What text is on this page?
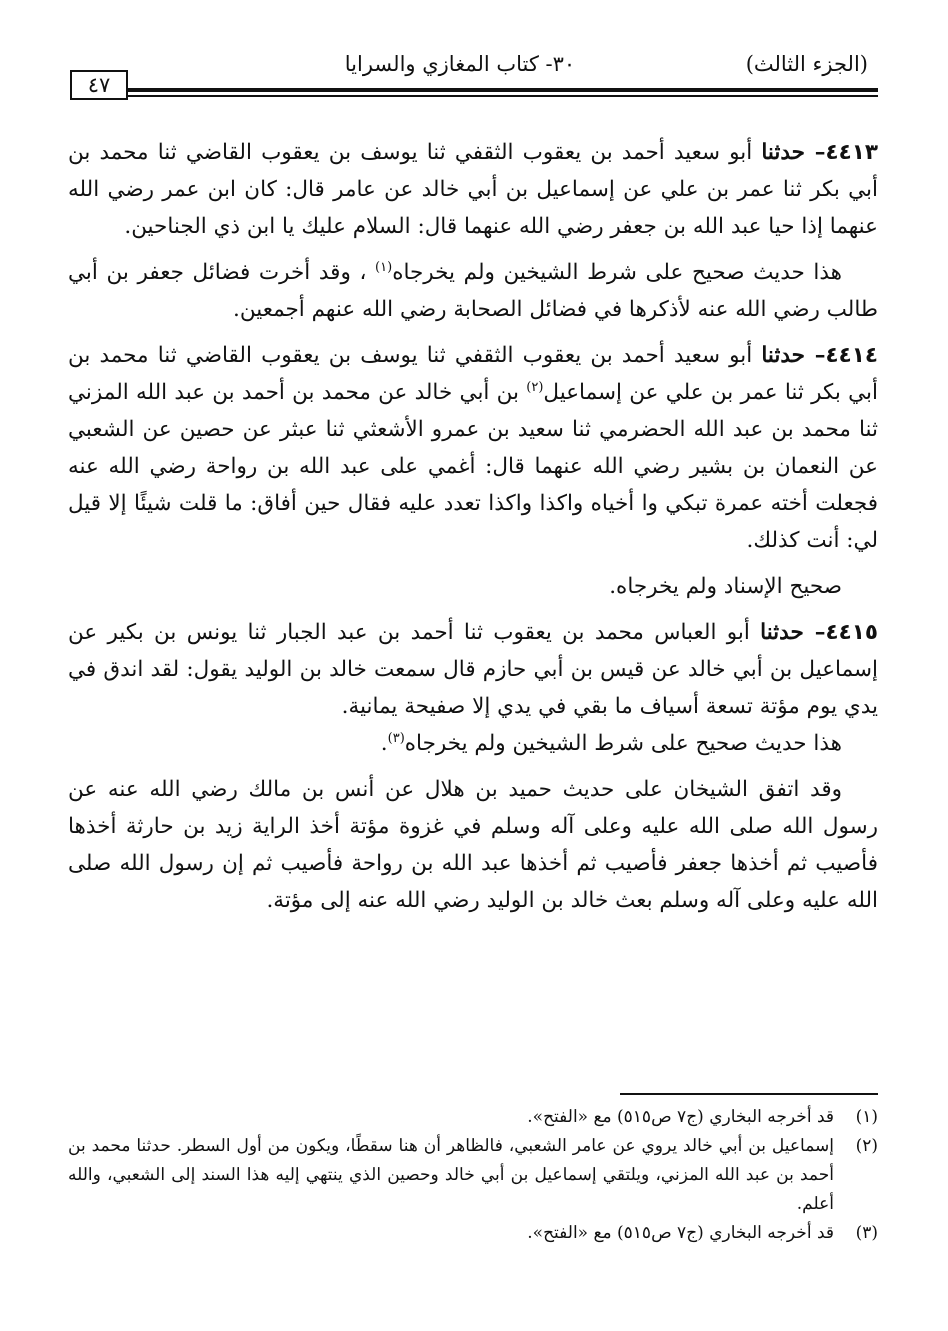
(الجزء الثالث)
٣٠- كتاب المغازي والسرايا
٤٧

٤٤١٣– حدثنا أبو سعيد أحمد بن يعقوب الثقفي ثنا يوسف بن يعقوب القاضي ثنا محمد بن أبي بكر ثنا عمر بن علي عن إسماعيل بن أبي خالد عن عامر قال: كان ابن عمر رضي الله عنهما إذا حيا عبد الله بن جعفر رضي الله عنهما قال: السلام عليك يا ابن ذي الجناحين.

هذا حديث صحيح على شرط الشيخين ولم يخرجاه$^{(١)}$ ، وقد أخرت فضائل جعفر بن أبي طالب رضي الله عنه لأذكرها في فضائل الصحابة رضي الله عنهم أجمعين.

٤٤١٤– حدثنا أبو سعيد أحمد بن يعقوب الثقفي ثنا يوسف بن يعقوب القاضي ثنا محمد بن أبي بكر ثنا عمر بن علي عن إسماعيل$^{(٢)}$ بن أبي خالد عن محمد بن أحمد بن عبد الله المزني ثنا محمد بن عبد الله الحضرمي ثنا سعيد بن عمرو الأشعثي ثنا عبثر عن حصين عن الشعبي عن النعمان بن بشير رضي الله عنهما قال: أغمي على عبد الله بن رواحة رضي الله عنه فجعلت أخته عمرة تبكي وا أخياه واكذا واكذا تعدد عليه فقال حين أفاق: ما قلت شيئًا إلا قيل لي: أنت كذلك.

صحيح الإسناد ولم يخرجاه.

٤٤١٥– حدثنا أبو العباس محمد بن يعقوب ثنا أحمد بن عبد الجبار ثنا يونس بن بكير عن إسماعيل بن أبي خالد عن قيس بن أبي حازم قال سمعت خالد بن الوليد يقول: لقد اندق في يدي يوم مؤتة تسعة أسياف ما بقي في يدي إلا صفيحة يمانية.

هذا حديث صحيح على شرط الشيخين ولم يخرجاه$^{(٣)}$.

وقد اتفق الشيخان على حديث حميد بن هلال عن أنس بن مالك رضي الله عنه عن رسول الله صلى الله عليه وعلى آله وسلم في غزوة مؤتة أخذ الراية زيد بن حارثة أخذها فأصيب ثم أخذها جعفر فأصيب ثم أخذها عبد الله بن رواحة فأصيب ثم إن رسول الله صلى الله عليه وعلى آله وسلم بعث خالد بن الوليد رضي الله عنه إلى مؤتة.

(١)
قد أخرجه البخاري (ج٧ ص٥١٥) مع «الفتح».
(٢)
إسماعيل بن أبي خالد يروي عن عامر الشعبي، فالظاهر أن هنا سقطًا، ويكون من أول السطر. حدثنا محمد بن أحمد بن عبد الله المزني، ويلتقي إسماعيل بن أبي خالد وحصين الذي ينتهي إليه هذا السند إلى الشعبي، والله أعلم.
(٣)
قد أخرجه البخاري (ج٧ ص٥١٥) مع «الفتح».
